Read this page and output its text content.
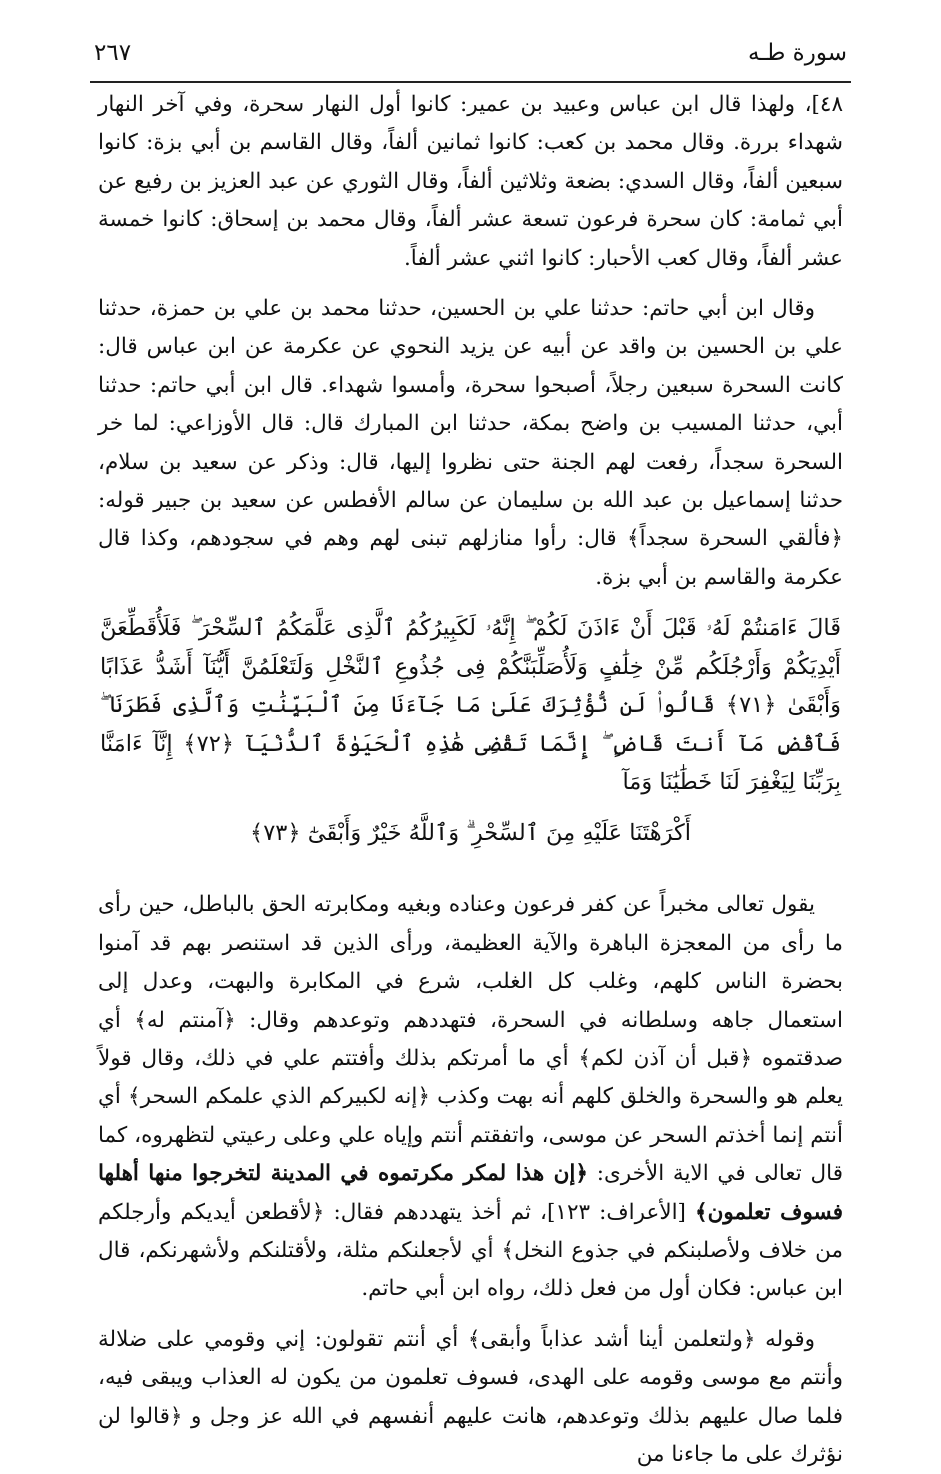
سورة طـه
٢٦٧

٤٨]، ولهذا قال ابن عباس وعبيد بن عمير: كانوا أول النهار سحرة، وفي آخر النهار شهداء بررة. وقال محمد بن كعب: كانوا ثمانين ألفاً، وقال القاسم بن أبي بزة: كانوا سبعين ألفاً، وقال السدي: بضعة وثلاثين ألفاً، وقال الثوري عن عبد العزيز بن رفيع عن أبي ثمامة: كان سحرة فرعون تسعة عشر ألفاً، وقال محمد بن إسحاق: كانوا خمسة عشر ألفاً، وقال كعب الأحبار: كانوا اثني عشر ألفاً.

وقال ابن أبي حاتم: حدثنا علي بن الحسين، حدثنا محمد بن علي بن حمزة، حدثنا علي بن الحسين بن واقد عن أبيه عن يزيد النحوي عن عكرمة عن ابن عباس قال: كانت السحرة سبعين رجلاً، أصبحوا سحرة، وأمسوا شهداء. قال ابن أبي حاتم: حدثنا أبي، حدثنا المسيب بن واضح بمكة، حدثنا ابن المبارك قال: قال الأوزاعي: لما خر السحرة سجداً، رفعت لهم الجنة حتى نظروا إليها، قال: وذكر عن سعيد بن سلام، حدثنا إسماعيل بن عبد الله بن سليمان عن سالم الأفطس عن سعيد بن جبير قوله: ﴿فألقي السحرة سجداً﴾ قال: رأوا منازلهم تبنى لهم وهم في سجودهم، وكذا قال عكرمة والقاسم بن أبي بزة.

قَالَ ءَامَنتُمْ لَهُۥ قَبْلَ أَنْ ءَاذَنَ لَكُمْ ۖ إِنَّهُۥ لَكَبِيرُكُمُ ٱلَّذِى عَلَّمَكُمُ ٱلسِّحْرَ ۖ فَلَأُقَطِّعَنَّ أَيْدِيَكُمْ وَأَرْجُلَكُم مِّنْ خِلَٰفٍ وَلَأُصَلِّبَنَّكُمْ فِى جُذُوعِ ٱلنَّخْلِ وَلَتَعْلَمُنَّ أَيُّنَآ أَشَدُّ عَذَابًا وَأَبْقَىٰ ﴿٧١﴾ قَالُوا۟ لَن نُّؤْثِرَكَ عَلَىٰ مَا جَآءَنَا مِنَ ٱلْبَيِّنَٰتِ وَٱلَّذِى فَطَرَنَا ۖ فَٱقْضِ مَآ أَنتَ قَاضٍ ۖ إِنَّمَا تَقْضِى هَٰذِهِ ٱلْحَيَوٰةَ ٱلدُّنْيَآ ﴿٧٢﴾ إِنَّآ ءَامَنَّا بِرَبِّنَا لِيَغْفِرَ لَنَا خَطَٰيَٰنَا وَمَآ

أَكْرَهْتَنَا عَلَيْهِ مِنَ ٱلسِّحْرِ ۗ وَٱللَّهُ خَيْرٌ وَأَبْقَىٰٓ ﴿٧٣﴾

يقول تعالى مخبراً عن كفر فرعون وعناده وبغيه ومكابرته الحق بالباطل، حين رأى ما رأى من المعجزة الباهرة والآية العظيمة، ورأى الذين قد استنصر بهم قد آمنوا بحضرة الناس كلهم، وغلب كل الغلب، شرع في المكابرة والبهت، وعدل إلى استعمال جاهه وسلطانه في السحرة، فتهددهم وتوعدهم وقال: ﴿آمنتم له﴾ أي صدقتموه ﴿قبل أن آذن لكم﴾ أي ما أمرتكم بذلك وأفتتم علي في ذلك، وقال قولاً يعلم هو والسحرة والخلق كلهم أنه بهت وكذب ﴿إنه لكبيركم الذي علمكم السحر﴾ أي أنتم إنما أخذتم السحر عن موسى، واتفقتم أنتم وإياه علي وعلى رعيتي لتظهروه، كما قال تعالى في الاية الأخرى: ﴿إن هذا لمكر مكرتموه في المدينة لتخرجوا منها أهلها فسوف تعلمون﴾ [الأعراف: ١٢٣]، ثم أخذ يتهددهم فقال: ﴿لأقطعن أيديكم وأرجلكم من خلاف ولأصلبنكم في جذوع النخل﴾ أي لأجعلنكم مثلة، ولأقتلنكم ولأشهرنكم، قال ابن عباس: فكان أول من فعل ذلك، رواه ابن أبي حاتم.

وقوله ﴿ولتعلمن أينا أشد عذاباً وأبقى﴾ أي أنتم تقولون: إني وقومي على ضلالة وأنتم مع موسى وقومه على الهدى، فسوف تعلمون من يكون له العذاب ويبقى فيه، فلما صال عليهم بذلك وتوعدهم، هانت عليهم أنفسهم في الله عز وجل و ﴿قالوا لن نؤثرك على ما جاءنا من
